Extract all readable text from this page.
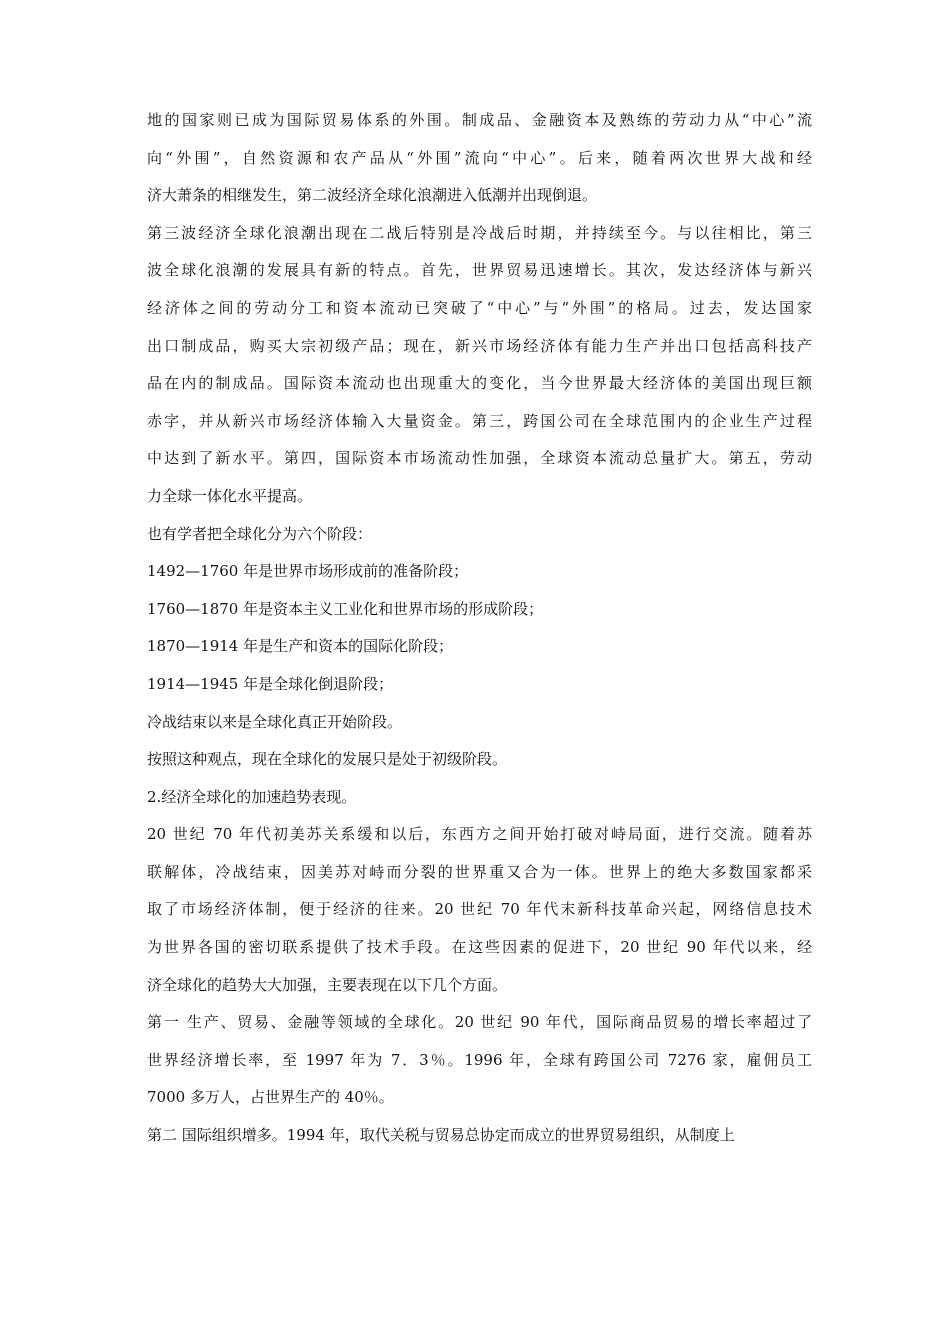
地的国家则已成为国际贸易体系的外围。制成品、金融资本及熟练的劳动力从“中心”流
向“外围”，自然资源和农产品从“外围”流向“中心”。后来，随着两次世界大战和经
济大萧条的相继发生，第二波经济全球化浪潮进入低潮并出现倒退。
第三波经济全球化浪潮出现在二战后特别是冷战后时期，并持续至今。与以往相比，第三
波全球化浪潮的发展具有新的特点。首先，世界贸易迅速增长。其次，发达经济体与新兴
经济体之间的劳动分工和资本流动已突破了“中心”与“外围”的格局。过去，发达国家
出口制成品，购买大宗初级产品；现在，新兴市场经济体有能力生产并出口包括高科技产
品在内的制成品。国际资本流动也出现重大的变化，当今世界最大经济体的美国出现巨额
赤字，并从新兴市场经济体输入大量资金。第三，跨国公司在全球范围内的企业生产过程
中达到了新水平。第四，国际资本市场流动性加强，全球资本流动总量扩大。第五，劳动
力全球一体化水平提高。
也有学者把全球化分为六个阶段：
1492—1760 年是世界市场形成前的准备阶段；
1760—1870 年是资本主义工业化和世界市场的形成阶段；
1870—1914 年是生产和资本的国际化阶段；
1914—1945 年是全球化倒退阶段；
冷战结束以来是全球化真正开始阶段。
按照这种观点，现在全球化的发展只是处于初级阶段。
2.经济全球化的加速趋势表现。
20 世纪 70 年代初美苏关系缓和以后，东西方之间开始打破对峙局面，进行交流。随着苏
联解体，冷战结束，因美苏对峙而分裂的世界重又合为一体。世界上的绝大多数国家都采
取了市场经济体制，便于经济的往来。20 世纪 70 年代末新科技革命兴起，网络信息技术
为世界各国的密切联系提供了技术手段。在这些因素的促进下，20 世纪 90 年代以来，经
济全球化的趋势大大加强，主要表现在以下几个方面。
第一 生产、贸易、金融等领域的全球化。20 世纪 90 年代，国际商品贸易的增长率超过了
世界经济增长率，至 1997 年为 7．3％。1996 年，全球有跨国公司 7276 家，雇佣员工
7000 多万人，占世界生产的 40％。
第二 国际组织增多。1994 年，取代关税与贸易总协定而成立的世界贸易组织，从制度上
